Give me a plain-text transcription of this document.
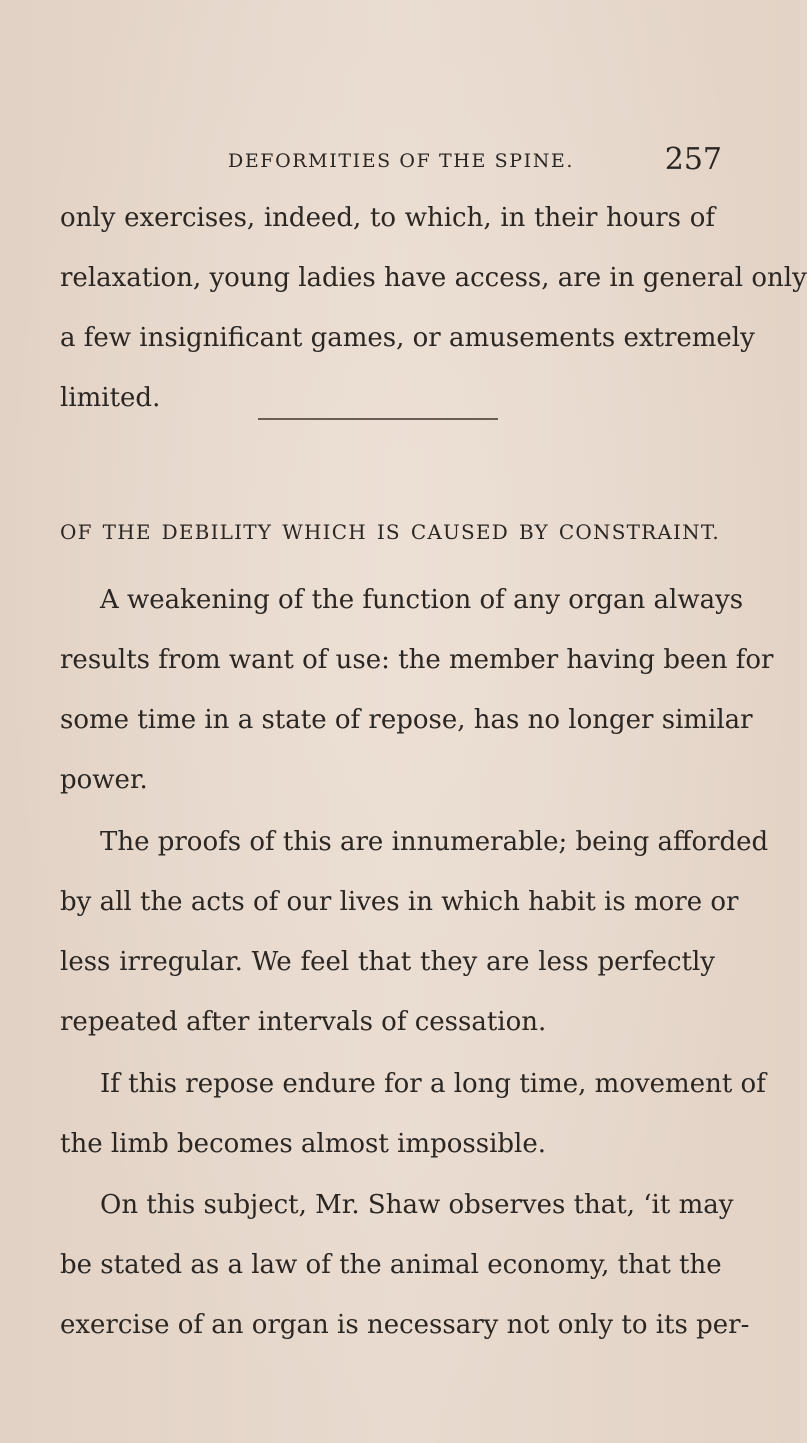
DEFORMITIES OF THE SPINE.	257
only exercises, indeed, to which, in their hours of
relaxation, young ladies have access, are in general only
a few insignificant games, or amusements extremely
limited.
OF THE DEBILITY WHICH IS CAUSED BY CONSTRAINT.
A weakening of the function of any organ always
results from want of use: the member having been for
some time in a state of repose, has no longer similar
power.
The proofs of this are innumerable; being afforded
by all the acts of our lives in which habit is more or
less irregular. We feel that they are less perfectly
repeated after intervals of cessation.
If this repose endure for a long time, movement of
the limb becomes almost impossible.
On this subject, Mr. Shaw observes that, ‘it may
be stated as a law of the animal economy, that the
exercise of an organ is necessary not only to its per-
